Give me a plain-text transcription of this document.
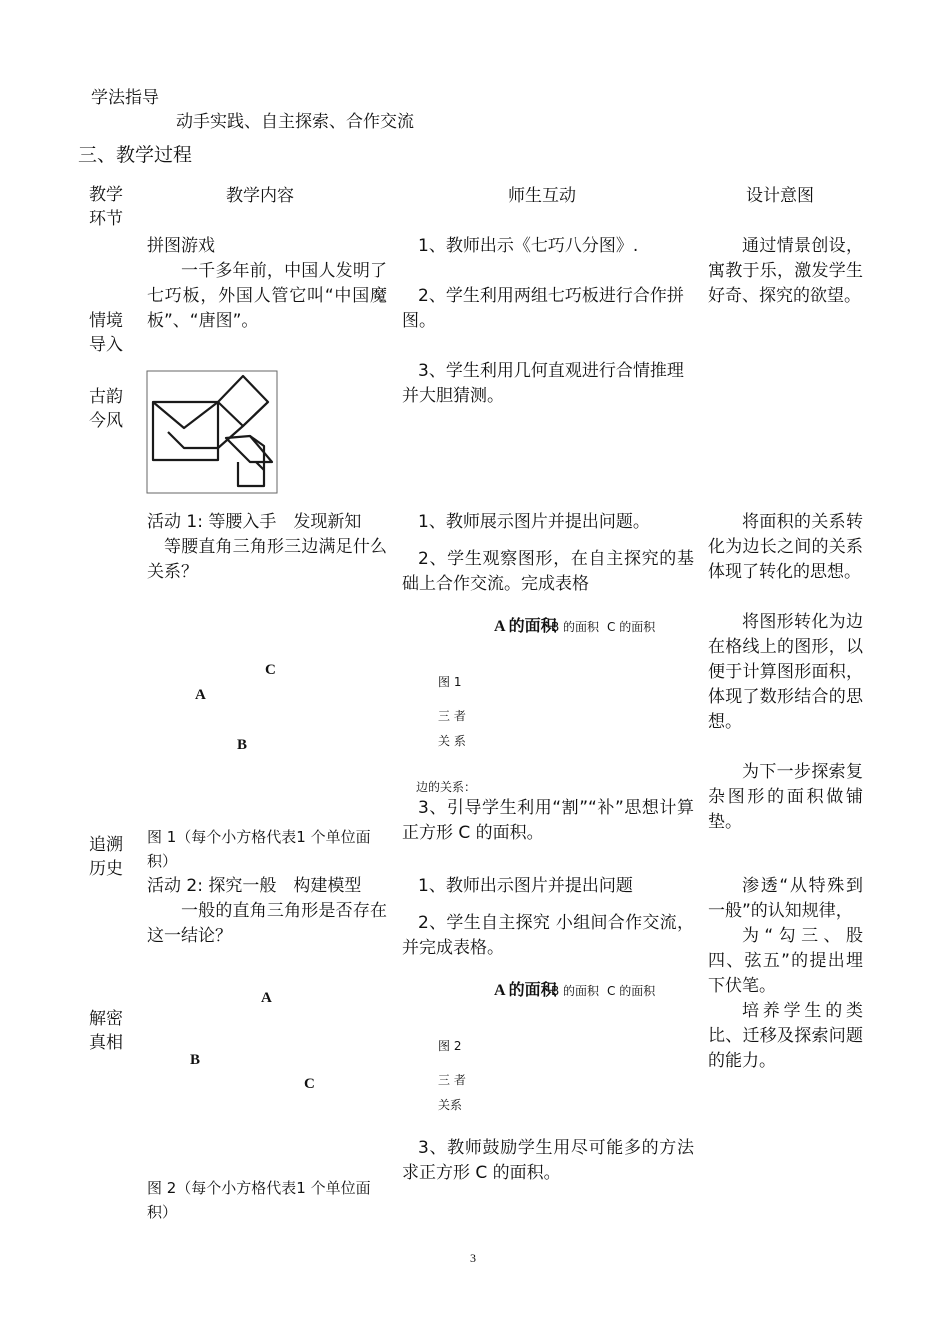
学法指导
动手实践、自主探索、合作交流
三、教学过程
教学环节
教学内容	师生互动	设计意图
情境导入
古韵今风
追溯历史
解密真相

拼图游戏

一千多年前，中国人发明了七巧板，外国人管它叫“中国魔板”、“唐图”。

1、教师出示《七巧八分图》.

2、学生利用两组七巧板进行合作拼图。

3、学生利用几何直观进行合情推理并大胆猜测。

通过情景创设，寓教于乐，激发学生好奇、探究的欲望。

活动 1: 等腰入手　发现新知

等腰直角三角形三边满足什么关系？

C
A
B
图 1（每个小方格代表1 个单位面积）

1、教师展示图片并提出问题。

2、学生观察图形，在自主探究的基础上合作交流。完成表格

A 的面积
B 的面积 C 的面积
图 1
三 者 关 系
边的关系：
3、引导学生利用“割”“补”思想计算正方形 C 的面积。

将面积的关系转化为边长之间的关系体现了转化的思想。

将图形转化为边在格线上的图形，以便于计算图形面积，体现了数形结合的思想。

为下一步探索复杂图形的面积做铺垫。

活动 2: 探究一般　构建模型

一般的直角三角形是否存在这一结论？

A
B
C
图 2（每个小方格代表1 个单位面积）

1、教师出示图片并提出问题

2、学生自主探究 小组间合作交流，并完成表格。

A 的面积
B 的面积 C 的面积
图 2
三 者 关系
3、教师鼓励学生用尽可能多的方法求正方形 C 的面积。

渗透“从特殊到一般”的认知规律，

为“勾三、股四、弦五”的提出埋下伏笔。

培养学生的类比、迁移及探索问题的能力。

3
